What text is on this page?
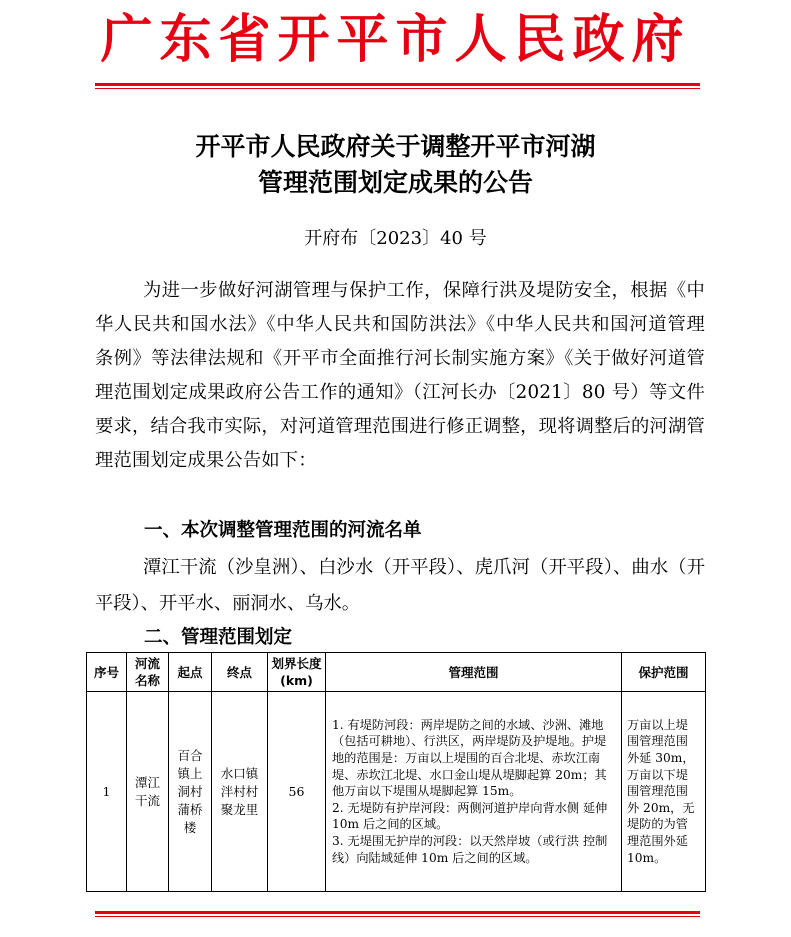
广东省开平市人民政府
开平市人民政府关于调整开平市河湖
管理范围划定成果的公告
开府布〔2023〕40 号
为进一步做好河湖管理与保护工作，保障行洪及堤防安全，根据《中华人民共和国水法》《中华人民共和国防洪法》《中华人民共和国河道管理条例》等法律法规和《开平市全面推行河长制实施方案》《关于做好河道管理范围划定成果政府公告工作的通知》（江河长办〔2021〕80 号）等文件要求，结合我市实际，对河道管理范围进行修正调整，现将调整后的河湖管理范围划定成果公告如下：
一、本次调整管理范围的河流名单
潭江干流（沙皇洲）、白沙水（开平段）、虎爪河（开平段）、曲水（开平段）、开平水、丽洞水、乌水。
二、管理范围划定
序号	河流名称	起点	终点	划界长度(km)	管理范围	保护范围
1	潭江干流	百合镇上洞村蒲桥楼	水口镇泮村村聚龙里	56	1. 有堤防河段：两岸堤防之间的水域、沙洲、滩地（包括可耕地）、行洪区，两岸堤防及护堤地。护堤地的范围是：万亩以上堤围的百合北堤、赤坎江南堤、赤坎江北堤、水口金山堤从堤脚起算 20m；其他万亩以下堤围从堤脚起算 15m。

2. 无堤防有护岸河段：两侧河道护岸向背水侧 延伸 10m 后之间的区域。

3. 无堤围无护岸的河段：以天然岸坡（或行洪 控制线）向陆域延伸 10m 后之间的区域。	万亩以上堤围管理范围外延 30m，万亩以下堤围管理范围外 20m，无堤防的为管理范围外延 10m。
